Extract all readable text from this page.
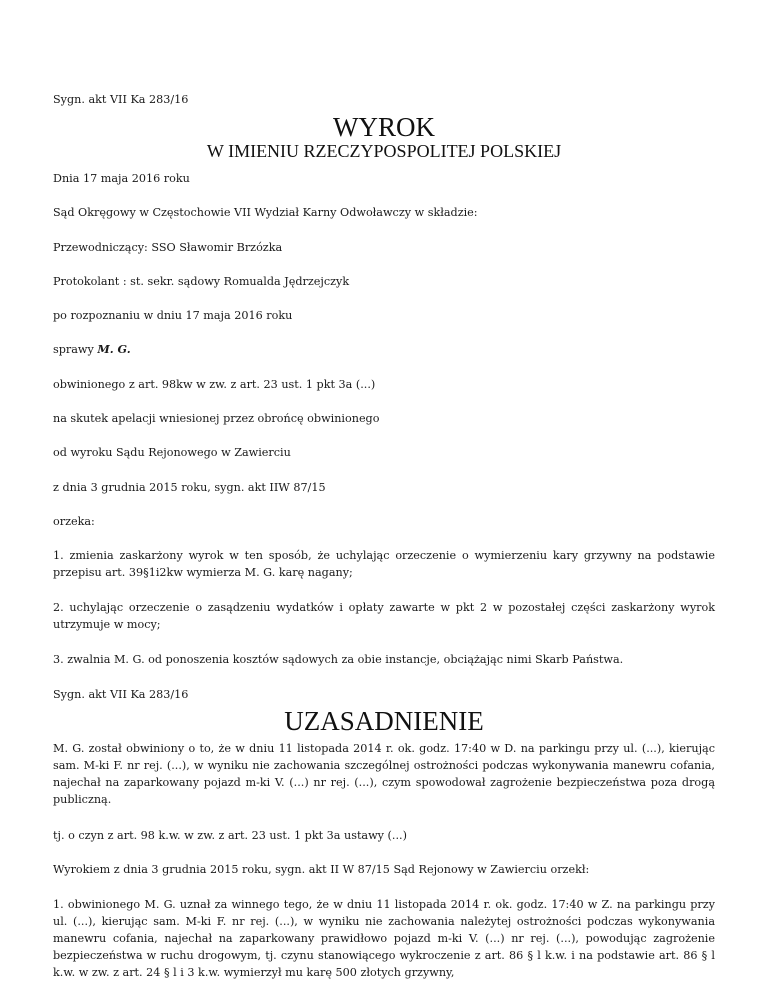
Sygn. akt VII Ka 283/16

WYROK

W IMIENIU RZECZYPOSPOLITEJ POLSKIEJ

Dnia 17 maja 2016 roku

Sąd Okręgowy w Częstochowie VII Wydział Karny Odwoławczy w składzie:

Przewodniczący: SSO Sławomir Brzózka

Protokolant : st. sekr. sądowy Romualda Jędrzejczyk

po rozpoznaniu w dniu 17 maja 2016 roku

sprawy M. G.

obwinionego z art. 98kw w zw. z art. 23 ust. 1 pkt 3a (...)

na skutek apelacji wniesionej przez obrońcę obwinionego

od wyroku Sądu Rejonowego w Zawierciu

z dnia 3 grudnia 2015 roku, sygn. akt IIW 87/15

orzeka:

1. zmienia zaskarżony wyrok w ten sposób, że uchylając orzeczenie o wymierzeniu kary grzywny na podstawie przepisu art. 39§1i2kw wymierza M. G. karę nagany;

2. uchylając orzeczenie o zasądzeniu wydatków i opłaty zawarte w pkt 2 w pozostałej części zaskarżony wyrok utrzymuje w mocy;

3. zwalnia M. G. od ponoszenia kosztów sądowych za obie instancje, obciążając nimi Skarb Państwa.

Sygn. akt VII Ka 283/16

UZASADNIENIE

M. G. został obwiniony o to, że w dniu 11 listopada 2014 r. ok. godz. 17:40 w D. na parkingu przy ul. (...), kierując sam. M-ki F. nr rej. (...), w wyniku nie zachowania szczególnej ostrożności podczas wykonywania manewru cofania, najechał na zaparkowany pojazd m-ki V. (...) nr rej. (...), czym spowodował zagrożenie bezpieczeństwa poza drogą publiczną.

tj. o czyn z art. 98 k.w. w zw. z art. 23 ust. 1 pkt 3a ustawy (...)

Wyrokiem z dnia 3 grudnia 2015 roku, sygn. akt II W 87/15 Sąd Rejonowy w Zawierciu orzekł:

1. obwinionego M. G. uznał za winnego tego, że w dniu 11 listopada 2014 r. ok. godz. 17:40 w Z. na parkingu przy ul. (...), kierując sam. M-ki F. nr rej. (...), w wyniku nie zachowania należytej ostrożności podczas wykonywania manewru cofania, najechał na zaparkowany prawidłowo pojazd m-ki V. (...) nr rej. (...), powodując zagrożenie bezpieczeństwa w ruchu drogowym, tj. czynu stanowiącego wykroczenie z art. 86 § l k.w. i na podstawie art. 86 § l k.w. w zw. z art. 24 § l i 3 k.w. wymierzył mu karę 500 złotych grzywny,
